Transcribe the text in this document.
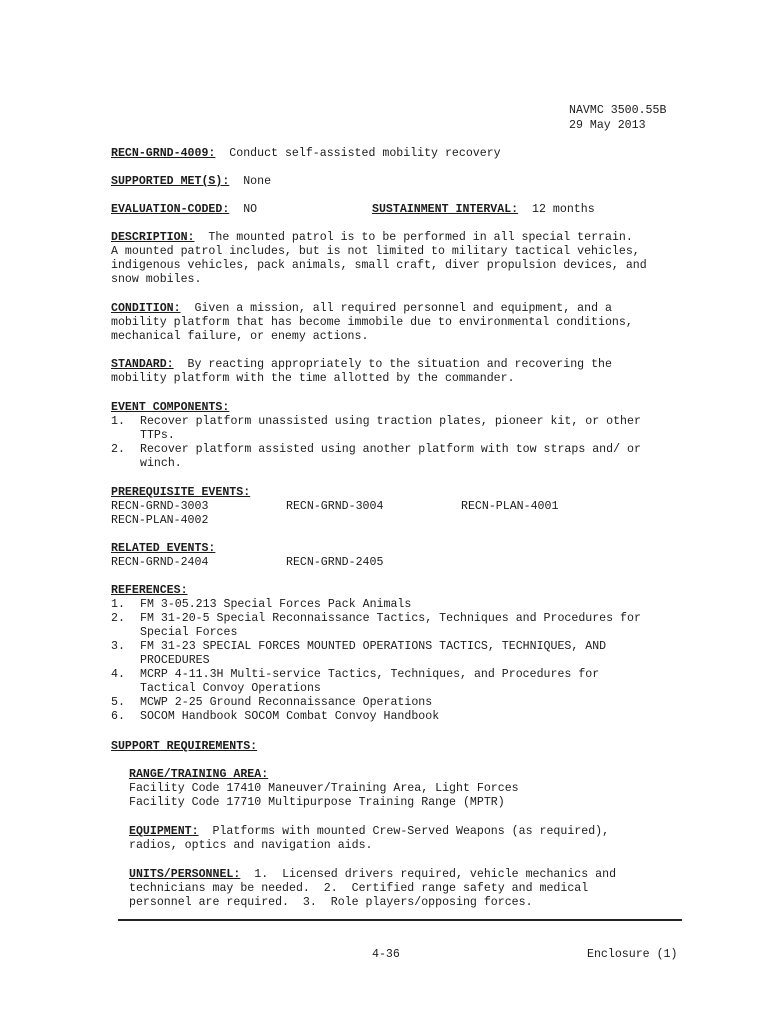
NAVMC 3500.55B
29 May 2013
RECN-GRND-4009: Conduct self-assisted mobility recovery
SUPPORTED MET(S): None
EVALUATION-CODED: NO	SUSTAINMENT INTERVAL: 12 months
DESCRIPTION:  The mounted patrol is to be performed in all special terrain.
A mounted patrol includes, but is not limited to military tactical vehicles,
indigenous vehicles, pack animals, small craft, diver propulsion devices, and
snow mobiles.
CONDITION:  Given a mission, all required personnel and equipment, and a
mobility platform that has become immobile due to environmental conditions,
mechanical failure, or enemy actions.
STANDARD:  By reacting appropriately to the situation and recovering the
mobility platform with the time allotted by the commander.
EVENT COMPONENTS:
1. Recover platform unassisted using traction plates, pioneer kit, or other
TTPs.
2. Recover platform assisted using another platform with tow straps and/ or
winch.
PREREQUISITE EVENTS:
RECN-GRND-3003	RECN-GRND-3004	RECN-PLAN-4001
RECN-PLAN-4002
RELATED EVENTS:
RECN-GRND-2404	RECN-GRND-2405
REFERENCES:
1. FM 3-05.213 Special Forces Pack Animals
2. FM 31-20-5 Special Reconnaissance Tactics, Techniques and Procedures for
Special Forces
3. FM 31-23 SPECIAL FORCES MOUNTED OPERATIONS TACTICS, TECHNIQUES, AND
PROCEDURES
4. MCRP 4-11.3H Multi-service Tactics, Techniques, and Procedures for
Tactical Convoy Operations
5. MCWP 2-25 Ground Reconnaissance Operations
6. SOCOM Handbook SOCOM Combat Convoy Handbook
SUPPORT REQUIREMENTS:
RANGE/TRAINING AREA:
Facility Code 17410 Maneuver/Training Area, Light Forces
Facility Code 17710 Multipurpose Training Range (MPTR)
EQUIPMENT:  Platforms with mounted Crew-Served Weapons (as required),
radios, optics and navigation aids.
UNITS/PERSONNEL:  1.  Licensed drivers required, vehicle mechanics and
technicians may be needed.  2.  Certified range safety and medical
personnel are required.  3.  Role players/opposing forces.
4-36	Enclosure (1)
